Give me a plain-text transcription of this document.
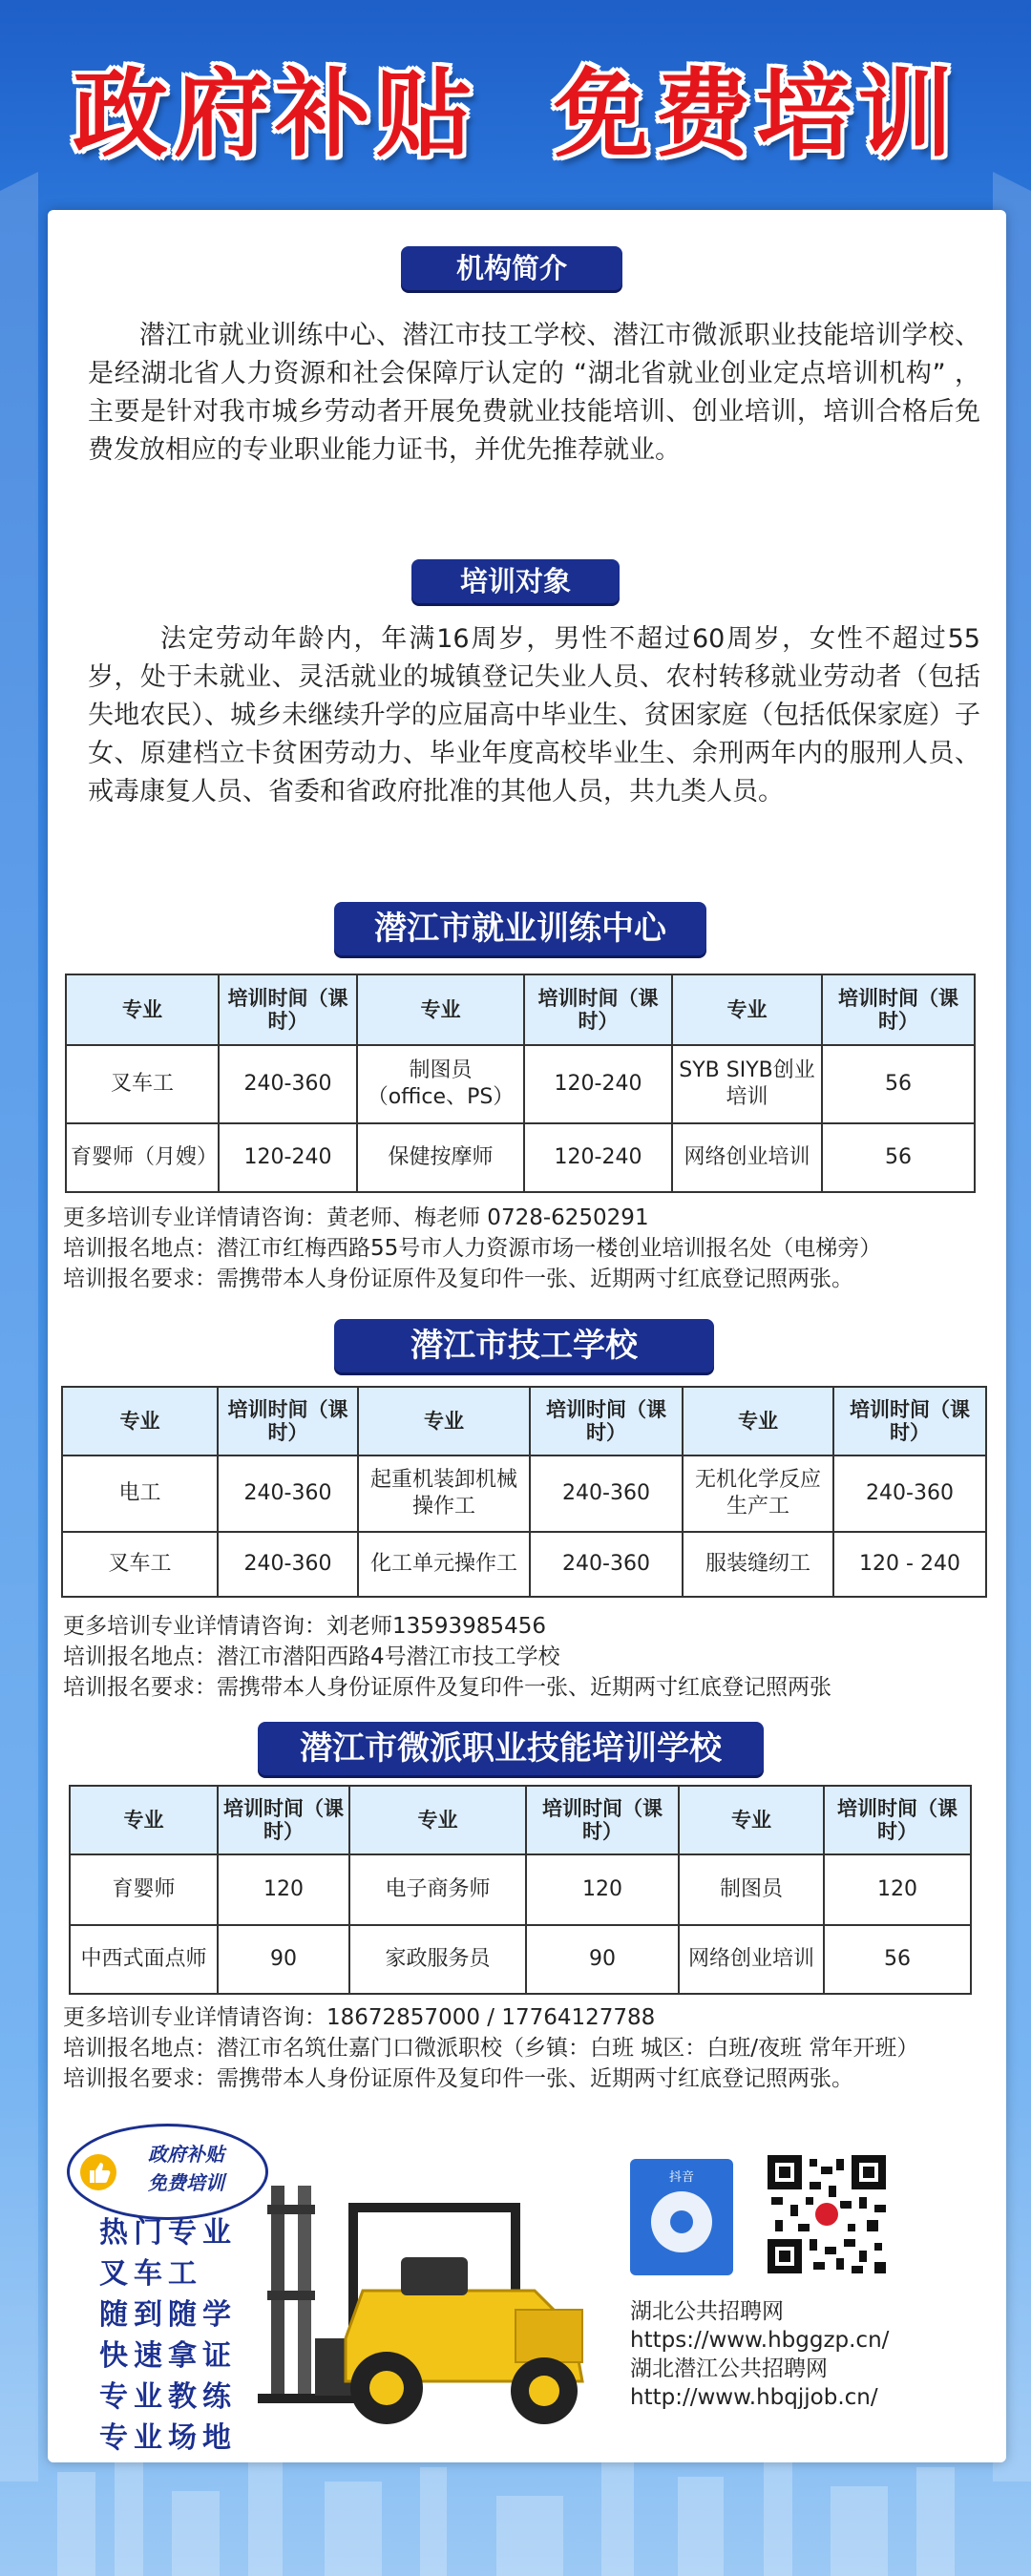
政府补贴 免费培训
机构简介
潜江市就业训练中心、潜江市技工学校、潜江市微派职业技能培训学校、是经湖北省人力资源和社会保障厅认定的 “湖北省就业创业定点培训机构” ，主要是针对我市城乡劳动者开展免费就业技能培训、创业培训，培训合格后免费发放相应的专业职业能力证书，并优先推荐就业。
培训对象
法定劳动年龄内，年满16周岁，男性不超过60周岁，女性不超过55岁，处于未就业、灵活就业的城镇登记失业人员、农村转移就业劳动者（包括失地农民）、城乡未继续升学的应届高中毕业生、贫困家庭（包括低保家庭）子女、原建档立卡贫困劳动力、毕业年度高校毕业生、余刑两年内的服刑人员、戒毒康复人员、省委和省政府批准的其他人员，共九类人员。
潜江市就业训练中心
专业	培训时间（课时）	专业	培训时间（课时）	专业	培训时间（课时）
叉车工	240-360	制图员（office、PS）	120-240	SYB SIYB创业培训	56
育婴师（月嫂）	120-240	保健按摩师	120-240	网络创业培训	56
更多培训专业详情请咨询：黄老师、梅老师 0728-6250291
培训报名地点：潜江市红梅西路55号市人力资源市场一楼创业培训报名处（电梯旁）
培训报名要求：需携带本人身份证原件及复印件一张、近期两寸红底登记照两张。
潜江市技工学校
专业	培训时间（课时）	专业	培训时间（课时）	专业	培训时间（课时）
电工	240-360	起重机装卸机械操作工	240-360	无机化学反应生产工	240-360
叉车工	240-360	化工单元操作工	240-360	服装缝纫工	120 - 240
更多培训专业详情请咨询：刘老师13593985456
培训报名地点：潜江市潜阳西路4号潜江市技工学校
培训报名要求：需携带本人身份证原件及复印件一张、近期两寸红底登记照两张
潜江市微派职业技能培训学校
专业	培训时间（课时）	专业	培训时间（课时）	专业	培训时间（课时）
育婴师	120	电子商务师	120	制图员	120
中西式面点师	90	家政服务员	90	网络创业培训	56
更多培训专业详情请咨询：18672857000 / 17764127788
培训报名地点：潜江市名筑仕嘉门口微派职校（乡镇：白班 城区：白班/夜班 常年开班）
培训报名要求：需携带本人身份证原件及复印件一张、近期两寸红底登记照两张。
政府补贴
免费培训
热门专业
叉车工
随到随学
快速拿证
专业教练
专业场地
抖音
湖北公共招聘网
https://www.hbggzp.cn/
湖北潜江公共招聘网
http://www.hbqjjob.cn/
